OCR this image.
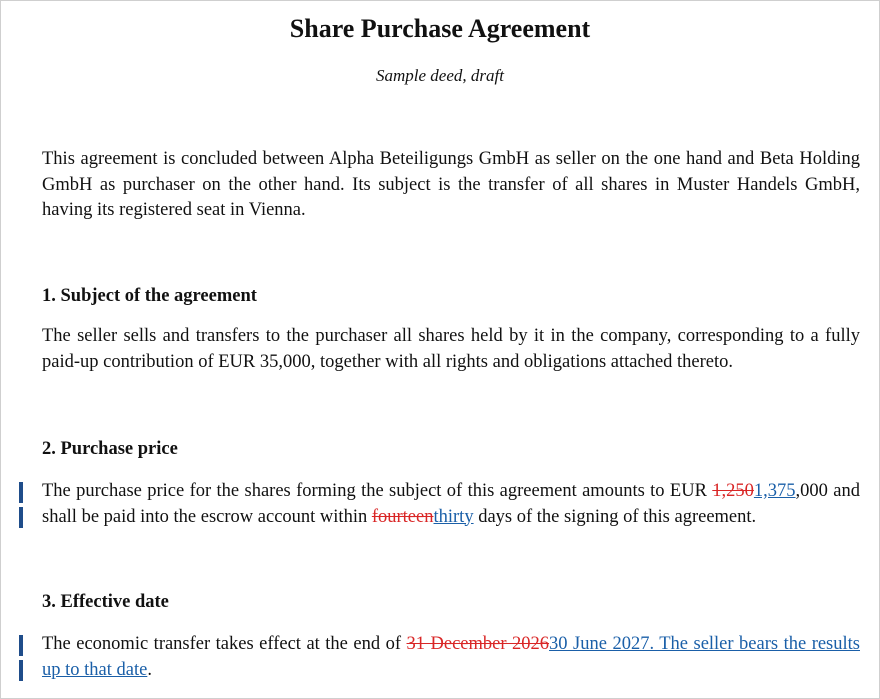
Share Purchase Agreement
Sample deed, draft

This agreement is concluded between Alpha Beteiligungs GmbH as seller on the one hand and Beta Holding GmbH as purchaser on the other hand. Its subject is the transfer of all shares in Muster Handels GmbH, having its registered seat in Vienna.

1. Subject of the agreement

The seller sells and transfers to the purchaser all shares held by it in the company, corresponding to a fully paid-up contribution of EUR 35,000, together with all rights and obligations attached thereto.

2. Purchase price

The purchase price for the shares forming the subject of this agreement amounts to EUR 1,2501,375,000 and shall be paid into the escrow account within fourteenthirty days of the signing of this agreement.

3. Effective date

The economic transfer takes effect at the end of 31 December 202630 June 2027. The seller bears the results up to that date.
